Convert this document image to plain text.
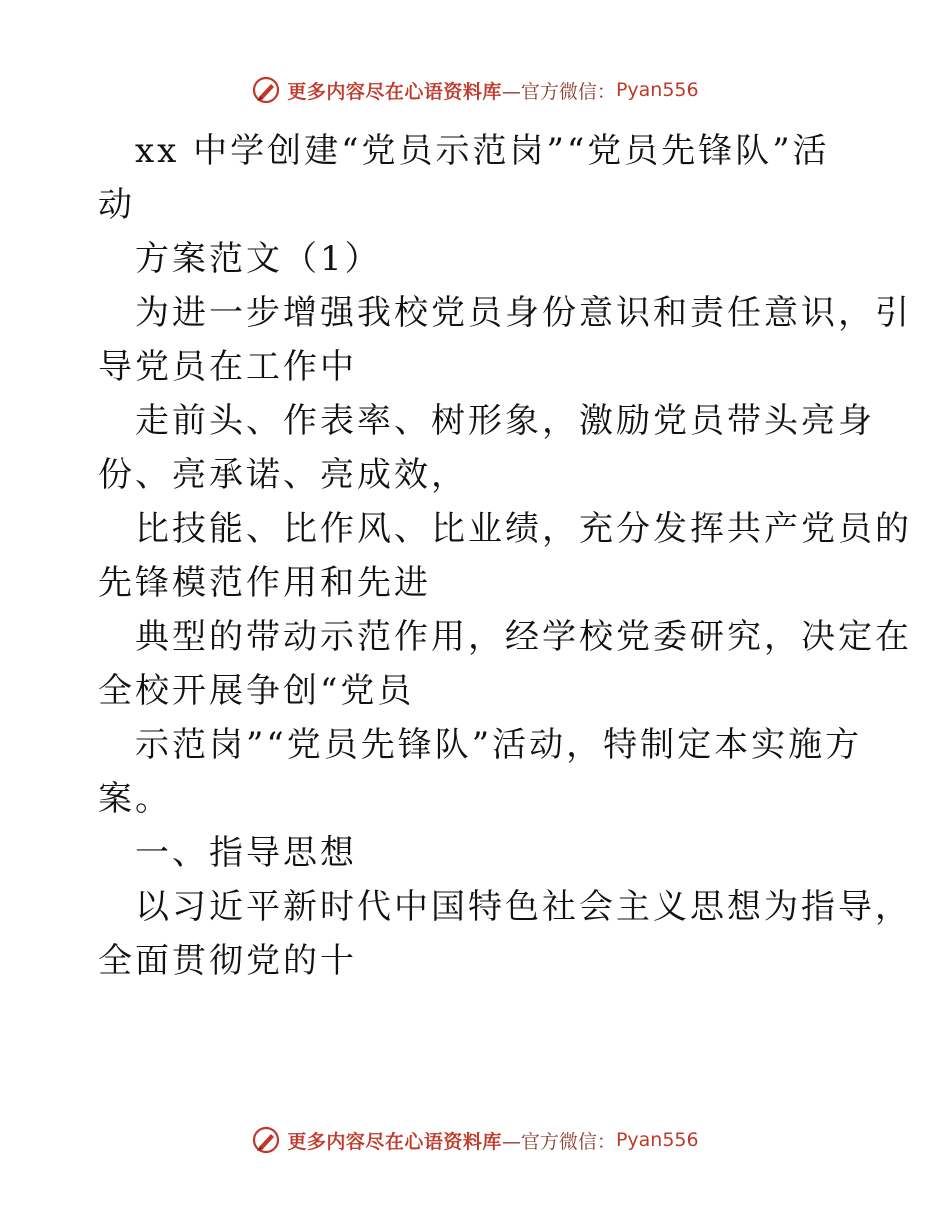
更多内容尽在心语资料库 —官方微信： Pyan556
xx 中学创建“党员示范岗”“党员先锋队”活
动
方案范文（1）
为进一步增强我校党员身份意识和责任意识，引
导党员在工作中
走前头、作表率、树形象，激励党员带头亮身
份、亮承诺、亮成效，
比技能、比作风、比业绩，充分发挥共产党员的
先锋模范作用和先进
典型的带动示范作用，经学校党委研究，决定在
全校开展争创“党员
示范岗”“党员先锋队”活动，特制定本实施方
案。
一、指导思想
以习近平新时代中国特色社会主义思想为指导，
全面贯彻党的十
更多内容尽在心语资料库 —官方微信： Pyan556
